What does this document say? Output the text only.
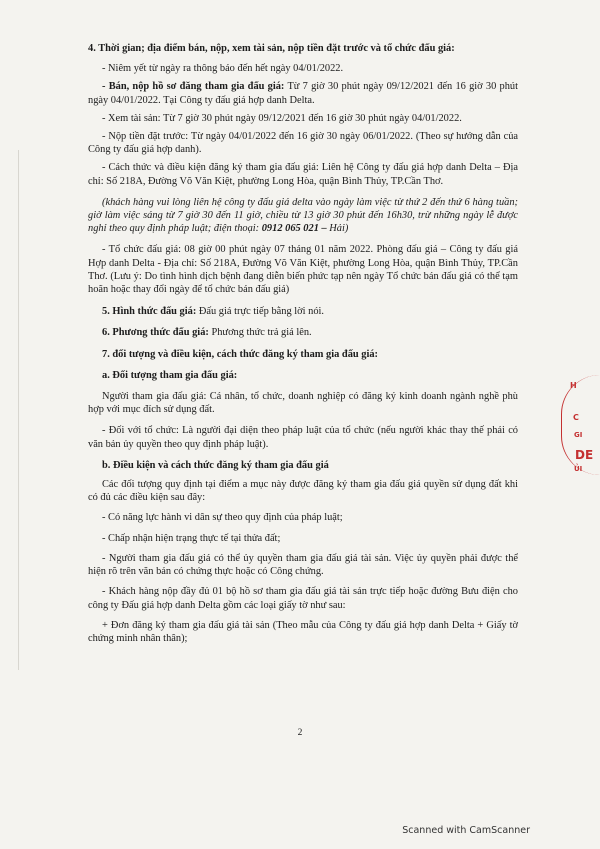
4. Thời gian; địa điểm bán, nộp, xem tài sản, nộp tiền đặt trước và tổ chức đấu giá:

- Niêm yết từ ngày ra thông báo đến hết ngày 04/01/2022.

- Bán, nộp hồ sơ đăng tham gia đấu giá: Từ 7 giờ 30 phút ngày 09/12/2021 đến 16 giờ 30 phút ngày 04/01/2022. Tại Công ty đấu giá hợp danh Delta.

- Xem tài sản: Từ 7 giờ 30 phút ngày 09/12/2021 đến 16 giờ 30 phút ngày 04/01/2022.

- Nộp tiền đặt trước: Từ ngày 04/01/2022 đến 16 giờ 30 ngày 06/01/2022. (Theo sự hướng dẫn của Công ty đấu giá hợp danh).

- Cách thức và điều kiện đăng ký tham gia đấu giá: Liên hệ Công ty đấu giá hợp danh Delta – Địa chỉ: Số 218A, Đường Võ Văn Kiệt, phường Long Hòa, quận Bình Thủy, TP.Cần Thơ.

(khách hàng vui lòng liên hệ công ty đấu giá delta vào ngày làm việc từ thứ 2 đến thứ 6 hàng tuần; giờ làm việc sáng từ 7 giờ 30 đến 11 giờ, chiều từ 13 giờ 30 phút đến 16h30, trừ những ngày lễ được nghỉ theo quy định pháp luật; điện thoại: 0912 065 021 – Hải)

- Tổ chức đấu giá: 08 giờ 00 phút ngày 07 tháng 01 năm 2022. Phòng đấu giá – Công ty đấu giá Hợp danh Delta - Địa chỉ: Số 218A, Đường Võ Văn Kiệt, phường Long Hòa, quận Bình Thủy, TP.Cần Thơ. (Lưu ý: Do tình hình dịch bệnh đang diễn biến phức tạp nên ngày Tổ chức bán đấu giá có thể tạm hoãn hoặc thay đổi ngày để tổ chức bán đấu giá)

5. Hình thức đấu giá: Đấu giá trực tiếp bằng lời nói.

6. Phương thức đấu giá: Phương thức trả giá lên.

7. đối tượng và điều kiện, cách thức đăng ký tham gia đấu giá:

a. Đối tượng tham gia đấu giá:

Người tham gia đấu giá: Cá nhân, tổ chức, doanh nghiệp có đăng ký kinh doanh ngành nghề phù hợp với mục đích sử dụng đất.

- Đối với tổ chức: Là người đại diện theo pháp luật của tổ chức (nếu người khác thay thế phải có văn bản ủy quyền theo quy định pháp luật).

b. Điều kiện và cách thức đăng ký tham gia đấu giá

Các đối tượng quy định tại điểm a mục này được đăng ký tham gia đấu giá quyền sử dụng đất khi có đủ các điều kiện sau đây:

- Có năng lực hành vi dân sự theo quy định của pháp luật;

- Chấp nhận hiện trạng thực tế tại thửa đất;

- Người tham gia đấu giá có thể ủy quyền tham gia đấu giá tài sản. Việc ủy quyền phải được thể hiện rõ trên văn bản có chứng thực hoặc có Công chứng.

- Khách hàng nộp đầy đủ 01 bộ hồ sơ tham gia đấu giá tài sản trực tiếp hoặc đường Bưu điện cho công ty Đấu giá hợp danh Delta gồm các loại giấy tờ như sau:

+ Đơn đăng ký tham gia đấu giá tài sản (Theo mẫu của Công ty đấu giá hợp danh Delta + Giấy tờ chứng minh nhân thân);

2
H
C
GI
DE
ỦI
Scanned with CamScanner
